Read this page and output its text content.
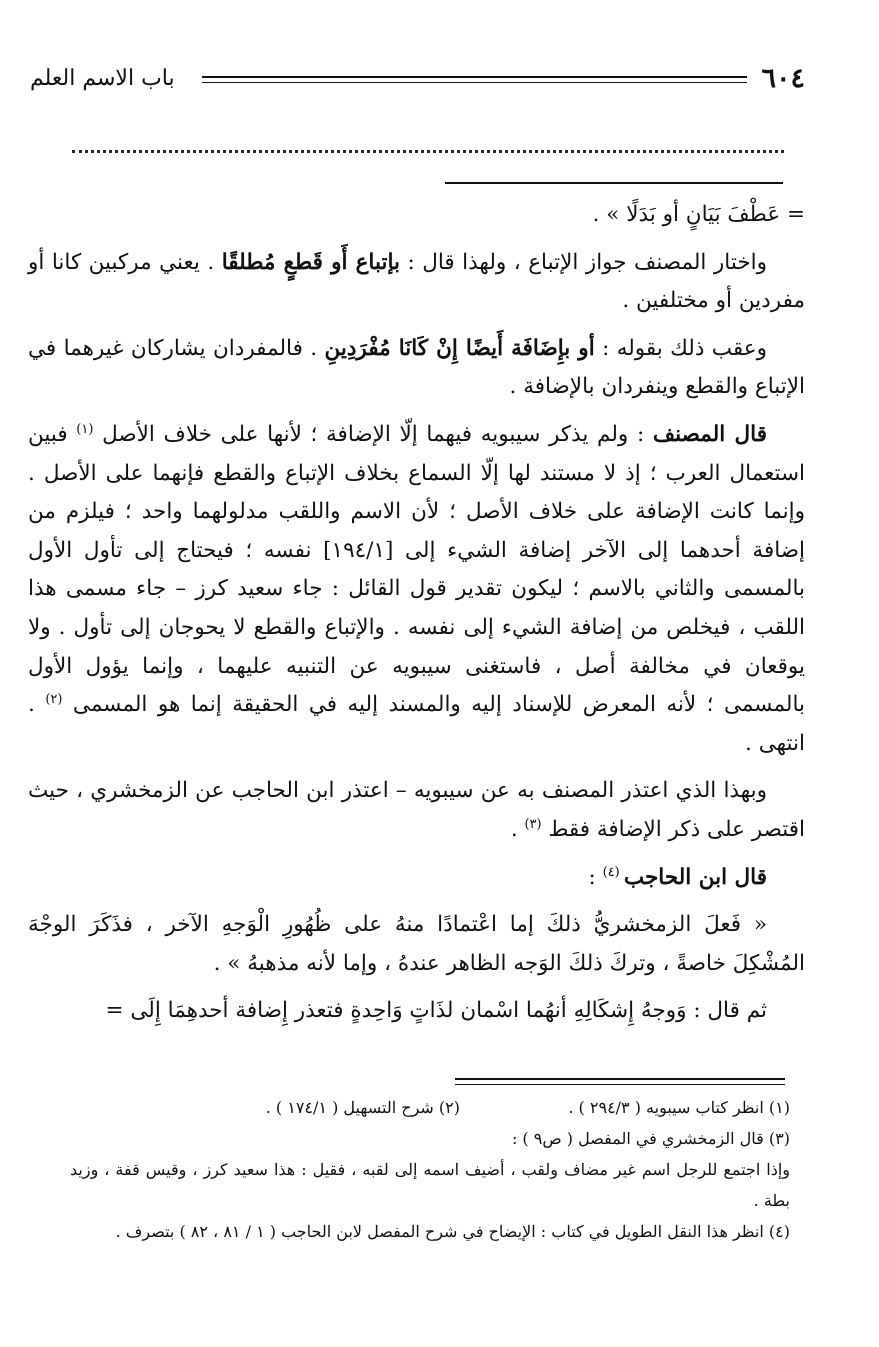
٦٠٤
باب الاسم العلم

= عَطْفَ بَيَانٍ أو بَدَلًا » .

واختار المصنف جواز الإتباع ، ولهذا قال : بإتباع أَو قَطعٍ مُطلقًا . يعني مركبين كانا أو مفردين أو مختلفين .

وعقب ذلك بقوله : أو بإِضَافَة أَيضًا إِنْ كَانَا مُفْرَدِينِ . فالمفردان يشاركان غيرهما في الإتباع والقطع وينفردان بالإضافة .

قال المصنف : ولم يذكر سيبويه فيهما إلّا الإضافة ؛ لأنها على خلاف الأصل $^{(١)}$ فبين استعمال العرب ؛ إذ لا مستند لها إلّا السماع بخلاف الإتباع والقطع فإنهما على الأصل . وإنما كانت الإضافة على خلاف الأصل ؛ لأن الاسم واللقب مدلولهما واحد ؛ فيلزم من إضافة أحدهما إلى الآخر إضافة الشيء إلى [١٩٤/١] نفسه ؛ فيحتاج إلى تأول الأول بالمسمى والثاني بالاسم ؛ ليكون تقدير قول القائل : جاء سعيد كرز – جاء مسمى هذا اللقب ، فيخلص من إضافة الشيء إلى نفسه . والإتباع والقطع لا يحوجان إلى تأول . ولا يوقعان في مخالفة أصل ، فاستغنى سيبويه عن التنبيه عليهما ، وإنما يؤول الأول بالمسمى ؛ لأنه المعرض للإسناد إليه والمسند إليه في الحقيقة إنما هو المسمى $^{(٢)}$ . انتهى .

وبهذا الذي اعتذر المصنف به عن سيبويه – اعتذر ابن الحاجب عن الزمخشري ، حيث اقتصر على ذكر الإضافة فقط $^{(٣)}$ .

قال ابن الحاجب $^{(٤)}$ :

« فَعلَ الزمخشريُّ ذلكَ إما اعْتمادًا منهُ على ظُهُورِ الْوَجهِ الآخر ، فذَكَرَ الوجْهَ المُشْكِلَ خاصةً ، وتركَ ذلكَ الوَجه الظاهر عندهُ ، وإما لأنه مذهبهُ » .

ثم قال : وَوجهُ إِشكَالِهِ أنهُما اسْمان لذَاتٍ وَاحِدةٍ فتعذر إِضافة أحدهِمَا إِلَى =

(١) انظر كتاب سيبويه ( ٢٩٤/٣ ) .
(٢) شرح التسهيل ( ١٧٤/١ ) .

(٣) قال الزمخشري في المفصل ( ص٩ ) :

وإذا اجتمع للرجل اسم غير مضاف ولقب ، أضيف اسمه إلى لقبه ، فقيل : هذا سعيد كرز ، وقيس قفة ، وزيد بطة .

(٤) انظر هذا النقل الطويل في كتاب : الإيضاح في شرح المفصل لابن الحاجب ( ١ / ٨١ ، ٨٢ ) بتصرف .
